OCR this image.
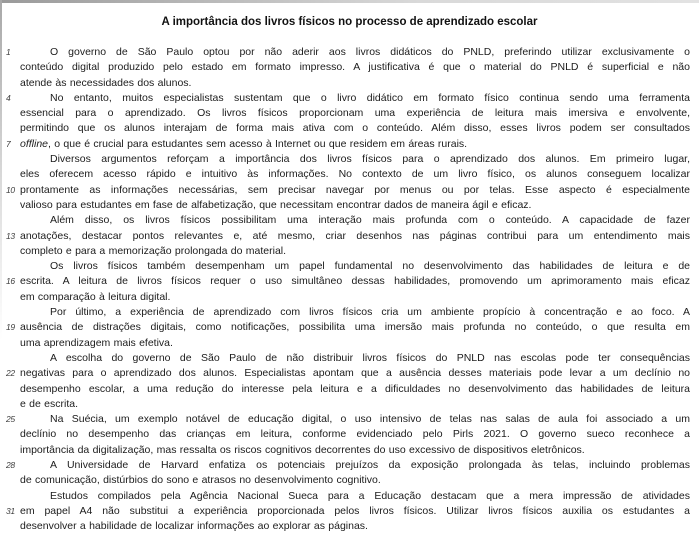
A importância dos livros físicos no processo de aprendizado escolar
1	O governo de São Paulo optou por não aderir aos livros didáticos do PNLD, preferindo utilizar exclusivamente o
conteúdo digital produzido pelo estado em formato impresso. A justificativa é que o material do PNLD é superficial e não
atende às necessidades dos alunos.
4	No entanto, muitos especialistas sustentam que o livro didático em formato físico continua sendo uma ferramenta
essencial para o aprendizado. Os livros físicos proporcionam uma experiência de leitura mais imersiva e envolvente,
permitindo que os alunos interajam de forma mais ativa com o conteúdo. Além disso, esses livros podem ser consultados
7 offline, o que é crucial para estudantes sem acesso à Internet ou que residem em áreas rurais.
Diversos argumentos reforçam a importância dos livros físicos para o aprendizado dos alunos. Em primeiro lugar,
eles oferecem acesso rápido e intuitivo às informações. No contexto de um livro físico, os alunos conseguem localizar
10 prontamente as informações necessárias, sem precisar navegar por menus ou por telas. Esse aspecto é especialmente
valioso para estudantes em fase de alfabetização, que necessitam encontrar dados de maneira ágil e eficaz.
Além disso, os livros físicos possibilitam uma interação mais profunda com o conteúdo. A capacidade de fazer
13 anotações, destacar pontos relevantes e, até mesmo, criar desenhos nas páginas contribui para um entendimento mais
completo e para a memorização prolongada do material.
Os livros físicos também desempenham um papel fundamental no desenvolvimento das habilidades de leitura e de
16 escrita. A leitura de livros físicos requer o uso simultâneo dessas habilidades, promovendo um aprimoramento mais eficaz
em comparação à leitura digital.
Por último, a experiência de aprendizado com livros físicos cria um ambiente propício à concentração e ao foco. A
19 ausência de distrações digitais, como notificações, possibilita uma imersão mais profunda no conteúdo, o que resulta em
uma aprendizagem mais efetiva.
A escolha do governo de São Paulo de não distribuir livros físicos do PNLD nas escolas pode ter consequências
22 negativas para o aprendizado dos alunos. Especialistas apontam que a ausência desses materiais pode levar a um declínio no
desempenho escolar, a uma redução do interesse pela leitura e a dificuldades no desenvolvimento das habilidades de leitura
e de escrita.
25	Na Suécia, um exemplo notável de educação digital, o uso intensivo de telas nas salas de aula foi associado a um
declínio no desempenho das crianças em leitura, conforme evidenciado pelo Pirls 2021. O governo sueco reconhece a
importância da digitalização, mas ressalta os riscos cognitivos decorrentes do uso excessivo de dispositivos eletrônicos.
28	A Universidade de Harvard enfatiza os potenciais prejuízos da exposição prolongada às telas, incluindo problemas
de comunicação, distúrbios do sono e atrasos no desenvolvimento cognitivo.
Estudos compilados pela Agência Nacional Sueca para a Educação destacam que a mera impressão de atividades
31 em papel A4 não substitui a experiência proporcionada pelos livros físicos. Utilizar livros físicos auxilia os estudantes a
desenvolver a habilidade de localizar informações ao explorar as páginas.
